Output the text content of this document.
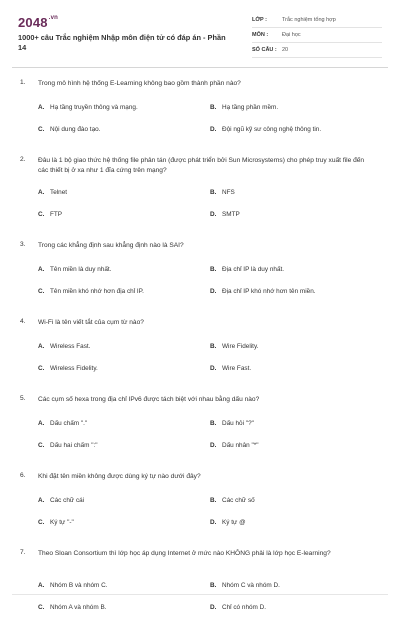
$2048^{.vn}$
1000+ câu Trắc nghiệm Nhập môn điện tử có đáp án - Phần 14
LỚP :	Trắc nghiệm tổng hợp
MÔN :	Đại học
SỐ CÂU : 20
1. Trong mô hình hệ thống E-Learning không bao gồm thành phần nào?
A. Hạ tầng truyền thông và mạng.	B. Hạ tầng phần mềm.
C. Nội dung đào tạo.	D. Đội ngũ kỹ sư công nghệ thông tin.
2. Đâu là 1 bộ giao thức hệ thống file phân tán (được phát triển bởi Sun Microsysterns) cho phép truy xuất file đến các thiết bị ở xa như 1 đĩa cứng trên mạng?
A. Telnet	B. NFS
C. FTP	D. SMTP
3. Trong các khẳng định sau khẳng định nào là SAI?
A. Tên miền là duy nhất.	B. Địa chỉ IP là duy nhất.
C. Tên miền khó nhớ hơn địa chỉ IP.	D. Địa chỉ IP khó nhớ hơn tên miền.
4. Wi-Fi là tên viết tắt của cụm từ nào?
A. Wireless Fast.	B. Wire Fidelity.
C. Wireless Fidelity.	D. Wire Fast.
5. Các cụm số hexa trong địa chỉ IPv6 được tách biệt với nhau bằng dấu nào?
A. Dấu chấm "."	B. Dấu hỏi "?"
C. Dấu hai chấm ":"	D. Dấu nhân "*"
6. Khi đặt tên miền không được dùng ký tự nào dưới đây?
A. Các chữ cái	B. Các chữ số
C. Ký tự "-"	D. Ký tự @
7. Theo Sloan Consortium thì lớp học áp dụng Internet ở mức nào KHÔNG phải là lớp học E-learning?
A. Nhóm B và nhóm C.	B. Nhóm C và nhóm D.
C. Nhóm A và nhóm B.	D. Chỉ có nhóm D.
